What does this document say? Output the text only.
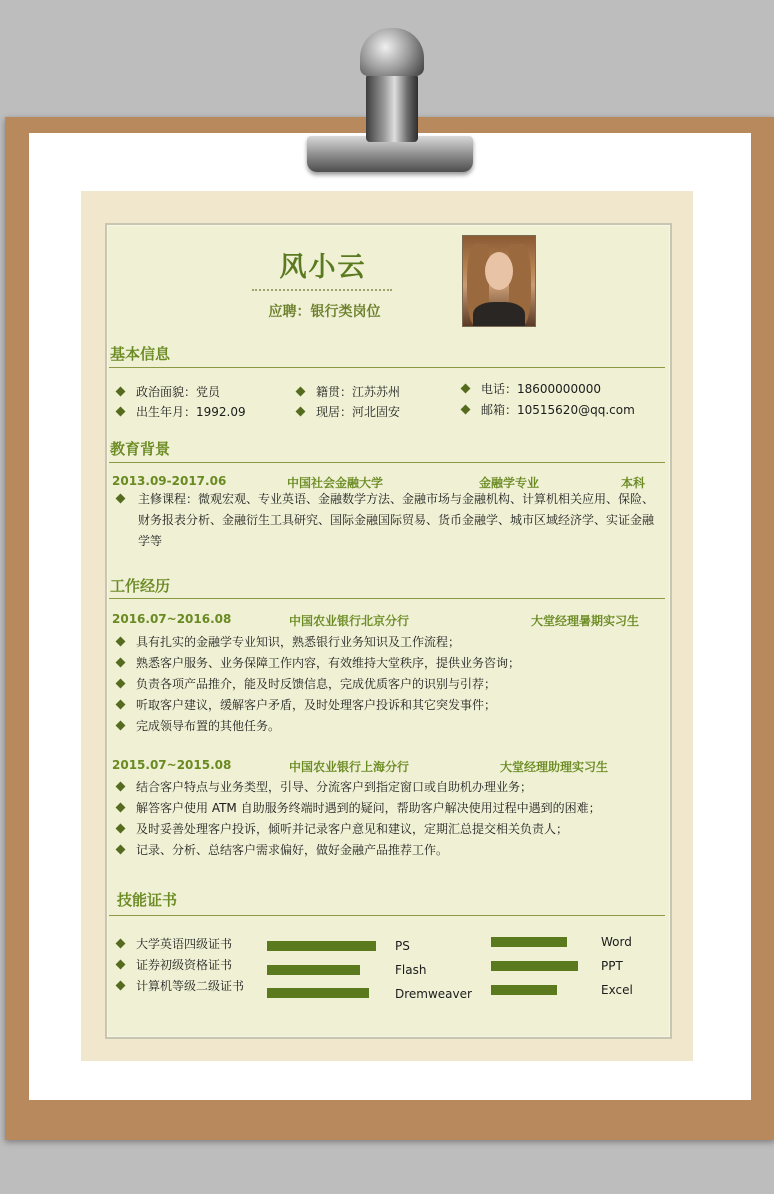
风小云
应聘：银行类岗位
基本信息
政治面貌：党员
出生年月：1992.09
籍贯：江苏苏州
现居：河北固安
电话：18600000000
邮箱：10515620@qq.com
教育背景
2013.09-2017.06	中国社会金融大学	金融学专业	本科
主修课程：微观宏观、专业英语、金融数学方法、金融市场与金融机构、计算机相关应用、保险、财务报表分析、金融衍生工具研究、国际金融国际贸易、货币金融学、城市区域经济学、实证金融学等
工作经历
2016.07~2016.08	中国农业银行北京分行	大堂经理暑期实习生
具有扎实的金融学专业知识，熟悉银行业务知识及工作流程；
熟悉客户服务、业务保障工作内容，有效维持大堂秩序，提供业务咨询；
负责各项产品推介，能及时反馈信息，完成优质客户的识别与引荐；
听取客户建议，缓解客户矛盾，及时处理客户投诉和其它突发事件；
完成领导布置的其他任务。
2015.07~2015.08	中国农业银行上海分行	大堂经理助理实习生
结合客户特点与业务类型，引导、分流客户到指定窗口或自助机办理业务；
解答客户使用 ATM 自助服务终端时遇到的疑问，帮助客户解决使用过程中遇到的困难；
及时妥善处理客户投诉，倾听并记录客户意见和建议，定期汇总提交相关负责人；
记录、分析、总结客户需求偏好，做好金融产品推荐工作。
技能证书
大学英语四级证书
证券初级资格证书
计算机等级二级证书
PS
Flash
Dremweaver
Word
PPT
Excel
